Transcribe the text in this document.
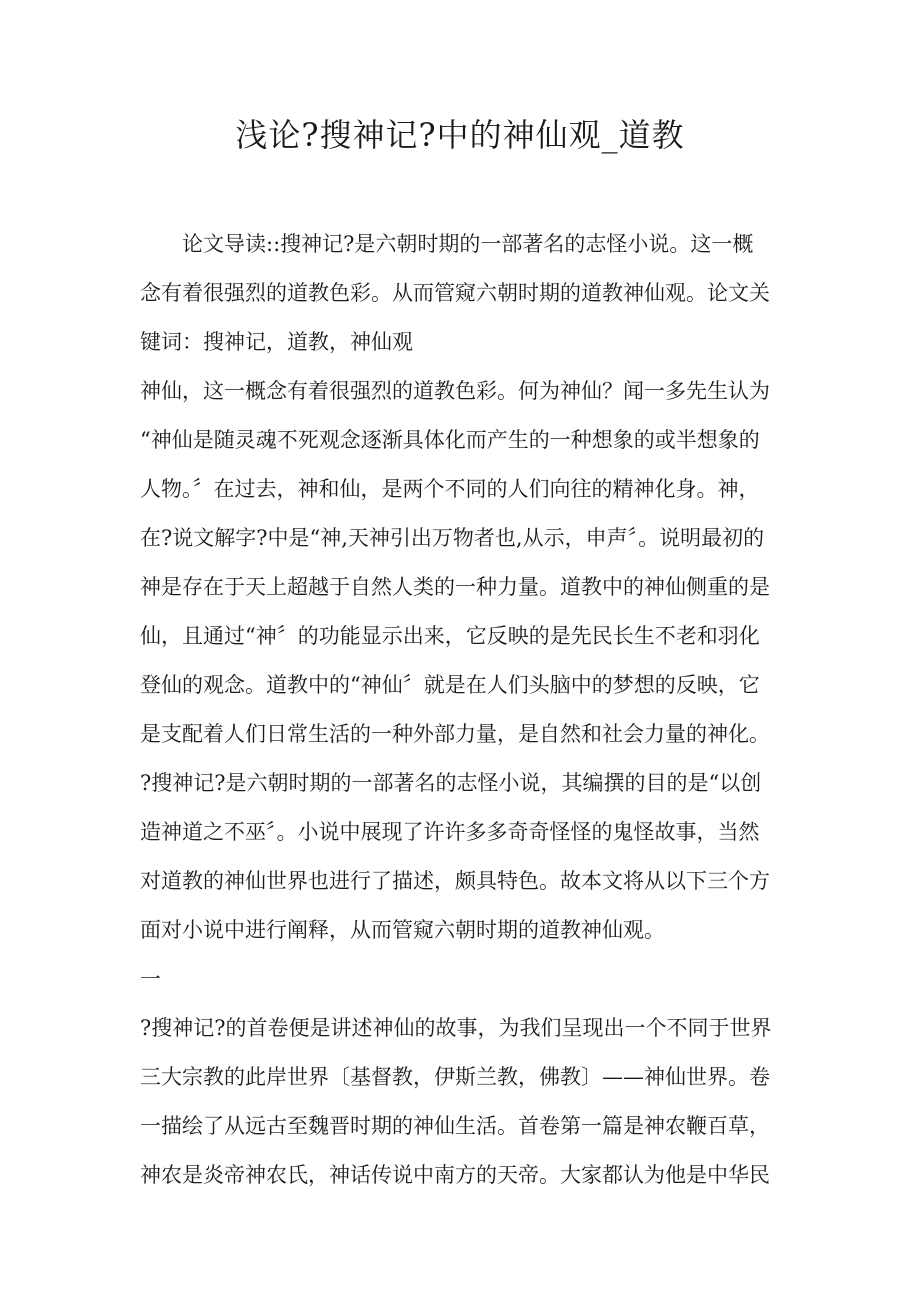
浅论?搜神记?中的神仙观_道教

论文导读::搜神记?是六朝时期的一部著名的志怪小说。这一概
念有着很强烈的道教色彩。从而管窥六朝时期的道教神仙观。论文关
键词：搜神记，道教，神仙观

神仙，这一概念有着很强烈的道教色彩。何为神仙？闻一多先生认为
“神仙是随灵魂不死观念逐渐具体化而产生的一种想象的或半想象的
人物。〞在过去，神和仙，是两个不同的人们向往的精神化身。神，
在?说文解字?中是“神,天神引出万物者也,从示，申声〞。说明最初的
神是存在于天上超越于自然人类的一种力量。道教中的神仙侧重的是
仙，且通过“神〞的功能显示出来，它反映的是先民长生不老和羽化
登仙的观念。道教中的“神仙〞就是在人们头脑中的梦想的反映，它
是支配着人们日常生活的一种外部力量，是自然和社会力量的神化。
?搜神记?是六朝时期的一部著名的志怪小说，其编撰的目的是“以创
造神道之不巫〞。小说中展现了许许多多奇奇怪怪的鬼怪故事，当然
对道教的神仙世界也进行了描述，颇具特色。故本文将从以下三个方
面对小说中进行阐释，从而管窥六朝时期的道教神仙观。

一

?搜神记?的首卷便是讲述神仙的故事，为我们呈现出一个不同于世界
三大宗教的此岸世界〔基督教，伊斯兰教，佛教〕——神仙世界。卷
一描绘了从远古至魏晋时期的神仙生活。首卷第一篇是神农鞭百草，
神农是炎帝神农氏，神话传说中南方的天帝。大家都认为他是中华民
